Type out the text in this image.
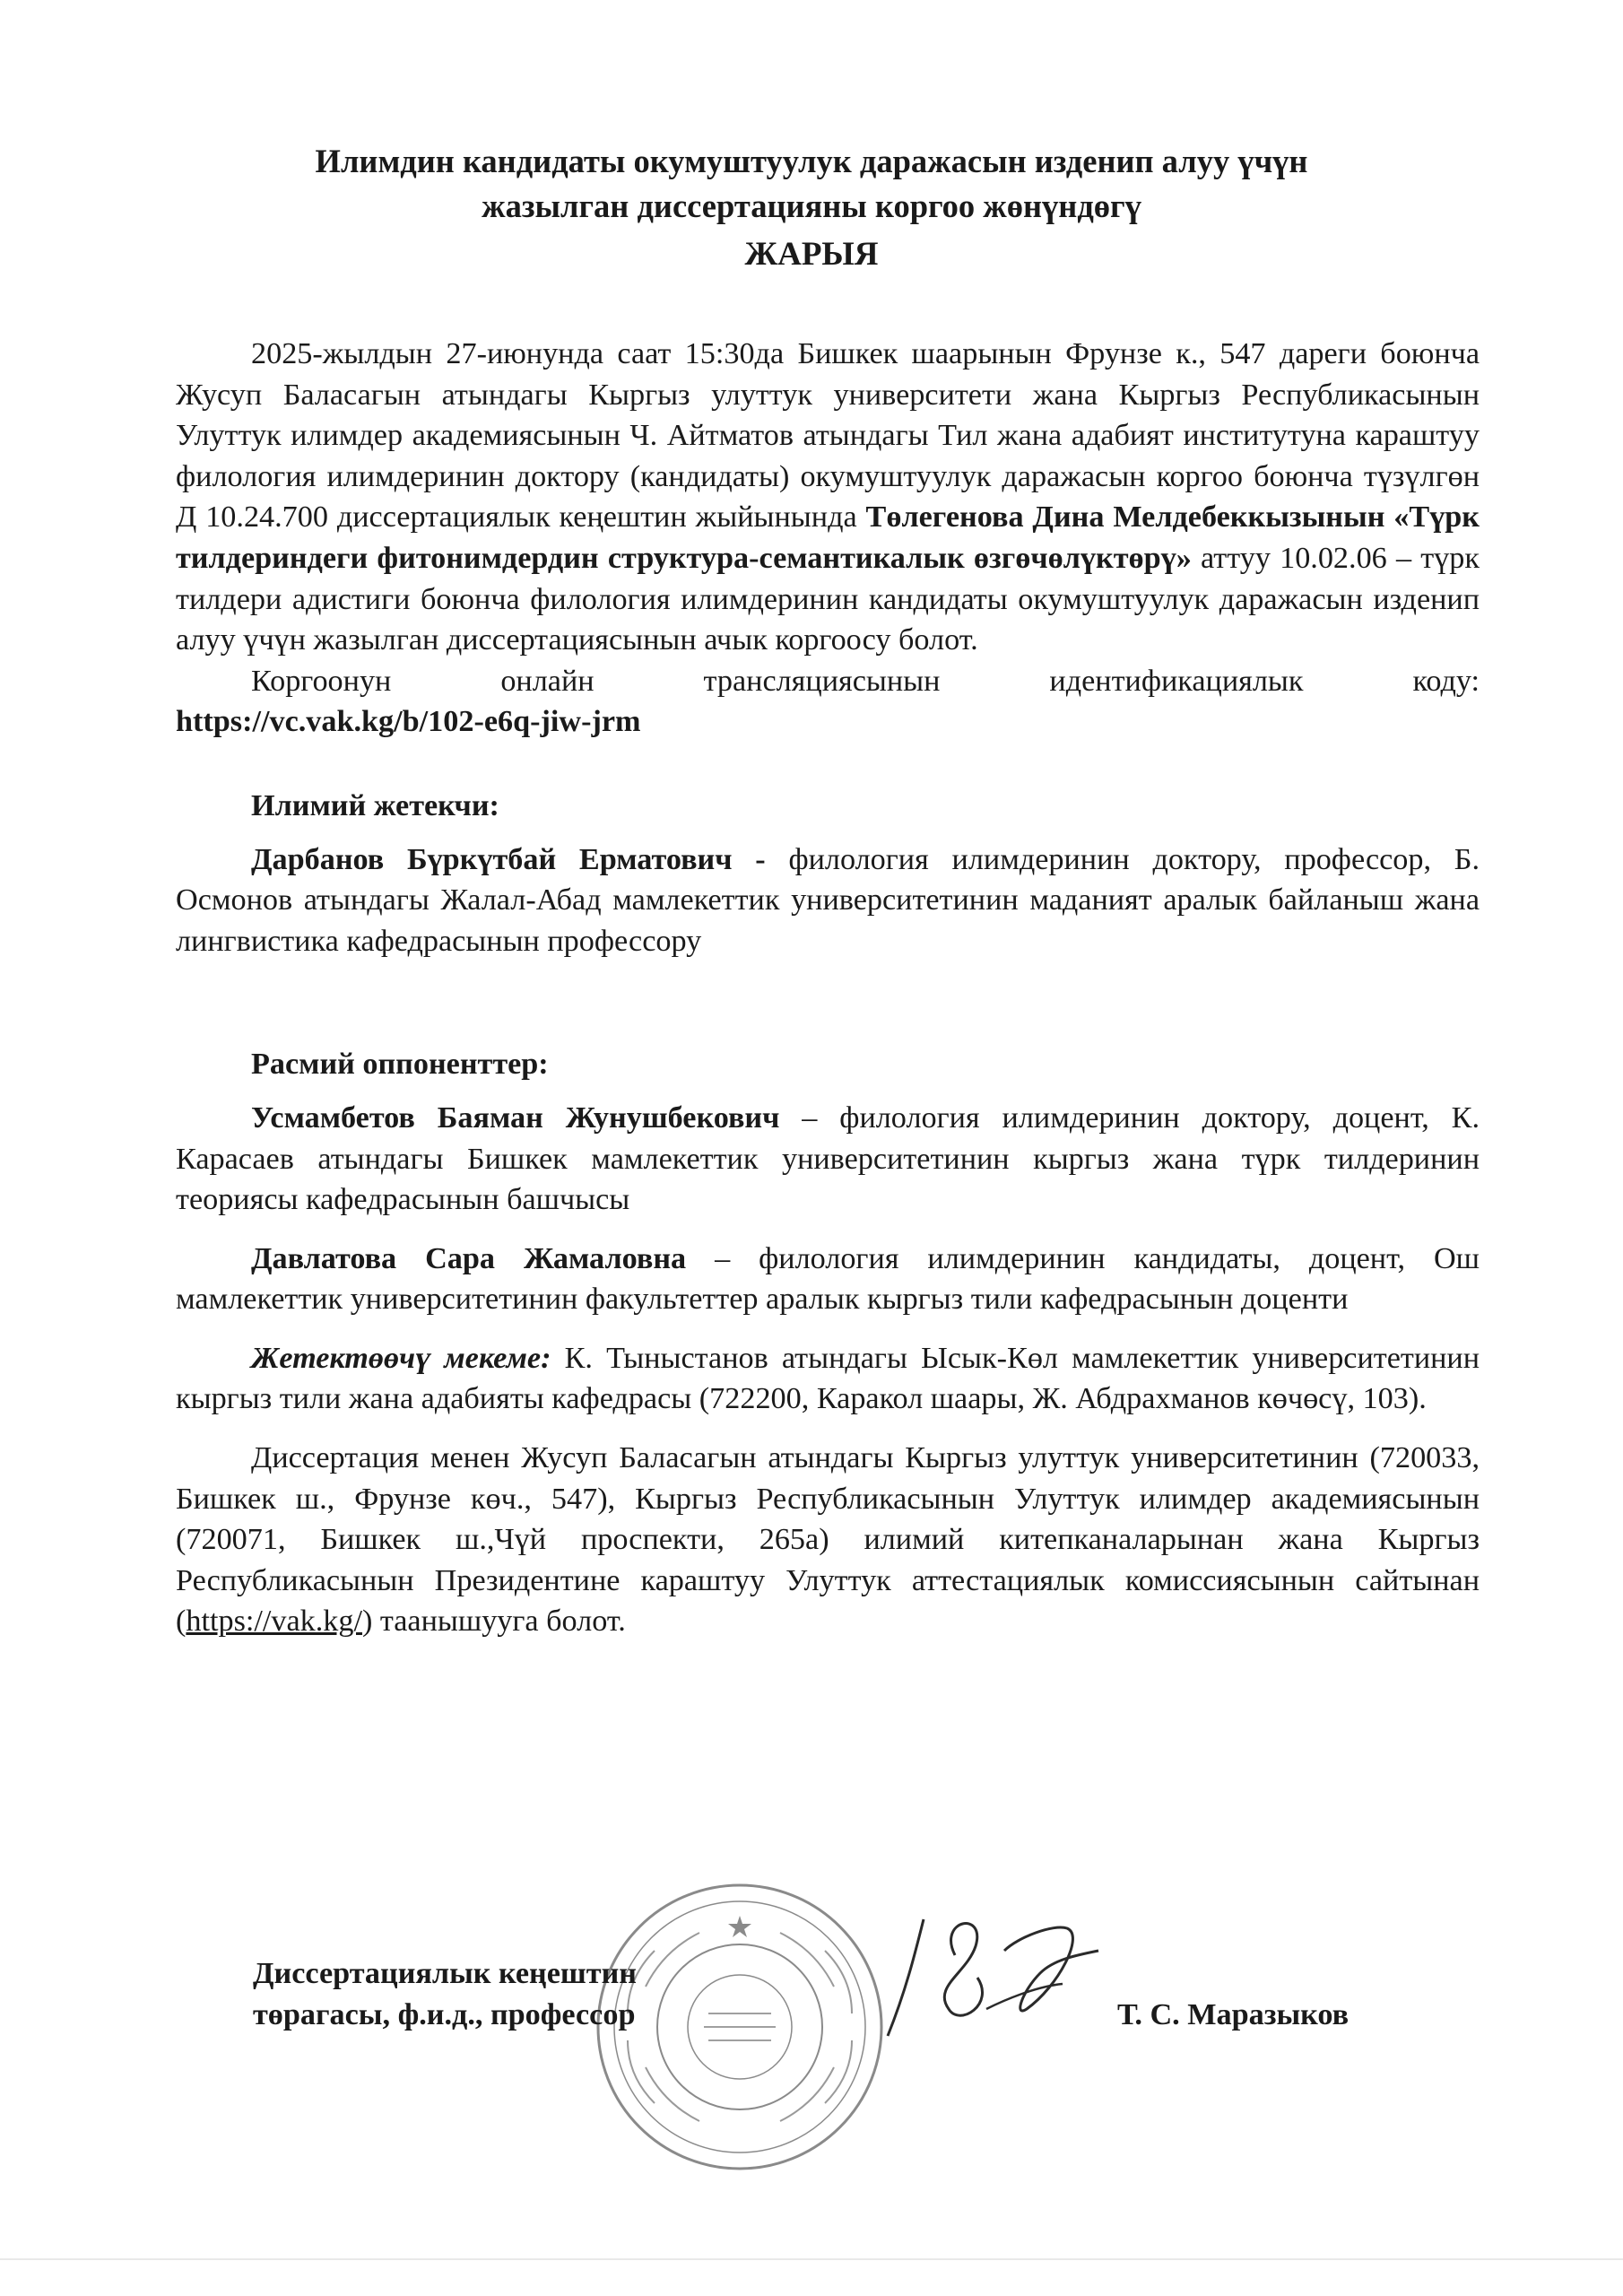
Илимдин кандидаты окумуштуулук даражасын изденип алуу үчүн
жазылган диссертацияны коргоо жөнүндөгү
ЖАРЫЯ

2025-жылдын 27-июнунда саат 15:30да Бишкек шаарынын Фрунзе к., 547 дареги боюнча Жусуп Баласагын атындагы Кыргыз улуттук университети жана Кыргыз Республикасынын Улуттук илимдер академиясынын Ч. Айтматов атындагы Тил жана адабият институтуна караштуу филология илимдеринин доктору (кандидаты) окумуштуулук даражасын коргоо боюнча түзүлгөн Д 10.24.700 диссертациялык кеңештин жыйынында Төлегенова Дина Мелдебеккызынын «Түрк тилдериндеги фитонимдердин структура-семантикалык өзгөчөлүктөрү» аттуу 10.02.06 – түрк тилдери адистиги боюнча филология илимдеринин кандидаты окумуштуулук даражасын изденип алуу үчүн жазылган диссертациясынын ачык коргоосу болот.

Коргоонун онлайн трансляциясынын идентификациялык коду:

https://vc.vak.kg/b/102-e6q-jiw-jrm

Илимий жетекчи:

Дарбанов Бүркүтбай Ерматович - филология илимдеринин доктору, профессор, Б. Осмонов атындагы Жалал-Абад мамлекеттик университетинин маданият аралык байланыш жана лингвистика кафедрасынын профессору

Расмий оппоненттер:

Усмамбетов Баяман Жунушбекович – филология илимдеринин доктору, доцент, К. Карасаев атындагы Бишкек мамлекеттик университетинин кыргыз жана түрк тилдеринин теориясы кафедрасынын башчысы

Давлатова Сара Жамаловна – филология илимдеринин кандидаты, доцент, Ош мамлекеттик университетинин факультеттер аралык кыргыз тили кафедрасынын доценти

Жетектөөчү мекеме: К. Тыныстанов атындагы Ысык-Көл мамлекеттик университетинин кыргыз тили жана адабияты кафедрасы (722200, Каракол шаары, Ж. Абдрахманов көчөсү, 103).

Диссертация менен Жусуп Баласагын атындагы Кыргыз улуттук университетинин (720033, Бишкек ш., Фрунзе көч., 547), Кыргыз Республикасынын Улуттук илимдер академиясынын (720071, Бишкек ш.,Чүй проспекти, 265а) илимий китепканаларынан жана Кыргыз Республикасынын Президентине караштуу Улуттук аттестациялык комиссиясынын сайтынан (https://vak.kg/) таанышууга болот.

Диссертациялык кеңештин
төрагасы, ф.и.д., профессор	Т. С. Маразыков
